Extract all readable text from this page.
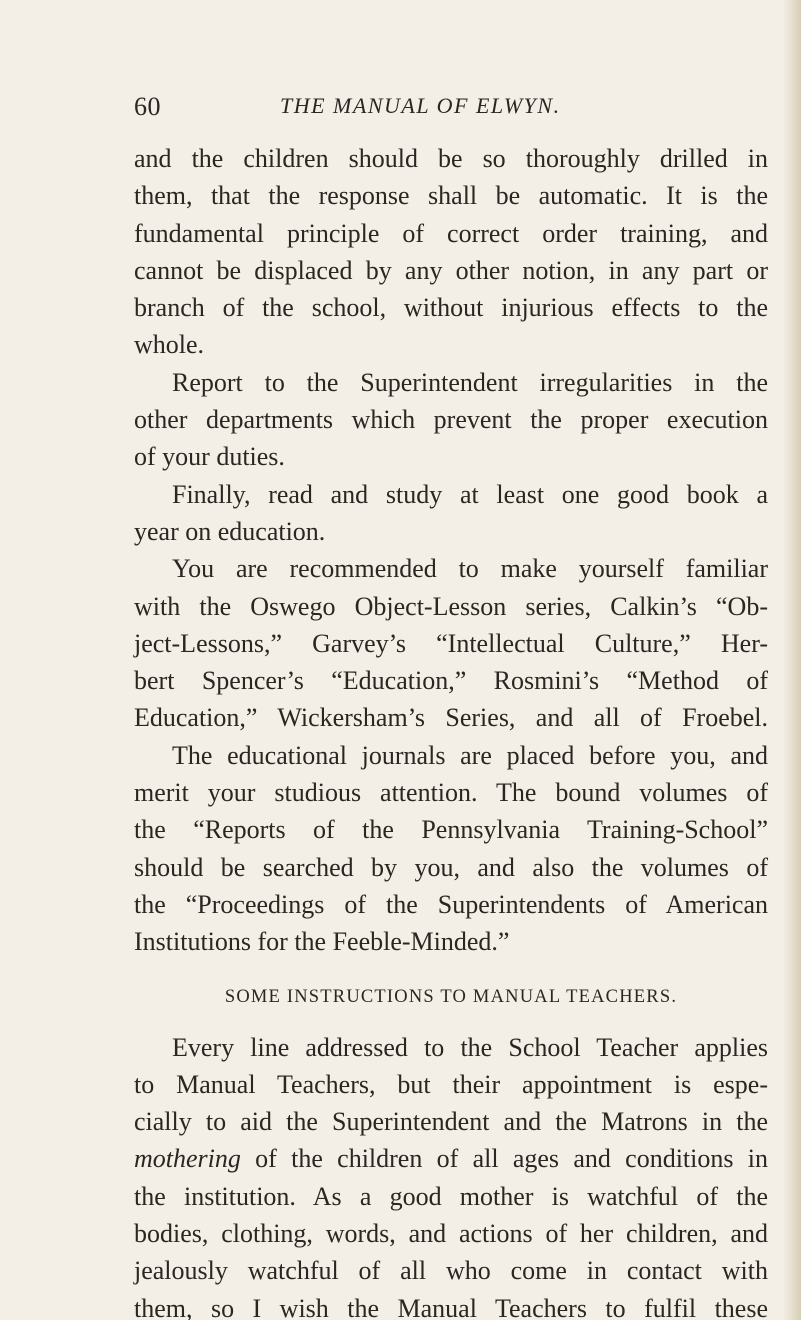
60	THE MANUAL OF ELWYN.
and the children should be so thoroughly drilled in
them, that the response shall be automatic. It is the
fundamental principle of correct order training, and
cannot be displaced by any other notion, in any part or
branch of the school, without injurious effects to the
whole.
Report to the Superintendent irregularities in the
other departments which prevent the proper execution
of your duties.
Finally, read and study at least one good book a
year on education.
You are recommended to make yourself familiar
with the Oswego Object-Lesson series, Calkin’s “Ob-
ject-Lessons,” Garvey’s “Intellectual Culture,” Her-
bert Spencer’s “Education,” Rosmini’s “Method of
Education,” Wickersham’s Series, and all of Froebel.
The educational journals are placed before you, and
merit your studious attention. The bound volumes of
the “Reports of the Pennsylvania Training-School”
should be searched by you, and also the volumes of
the “Proceedings of the Superintendents of American
Institutions for the Feeble-Minded.”
SOME INSTRUCTIONS TO MANUAL TEACHERS.
Every line addressed to the School Teacher applies
to Manual Teachers, but their appointment is espe-
cially to aid the Superintendent and the Matrons in the
mothering of the children of all ages and conditions in
the institution. As a good mother is watchful of the
bodies, clothing, words, and actions of her children, and
jealously watchful of all who come in contact with
them, so I wish the Manual Teachers to fulfil these
